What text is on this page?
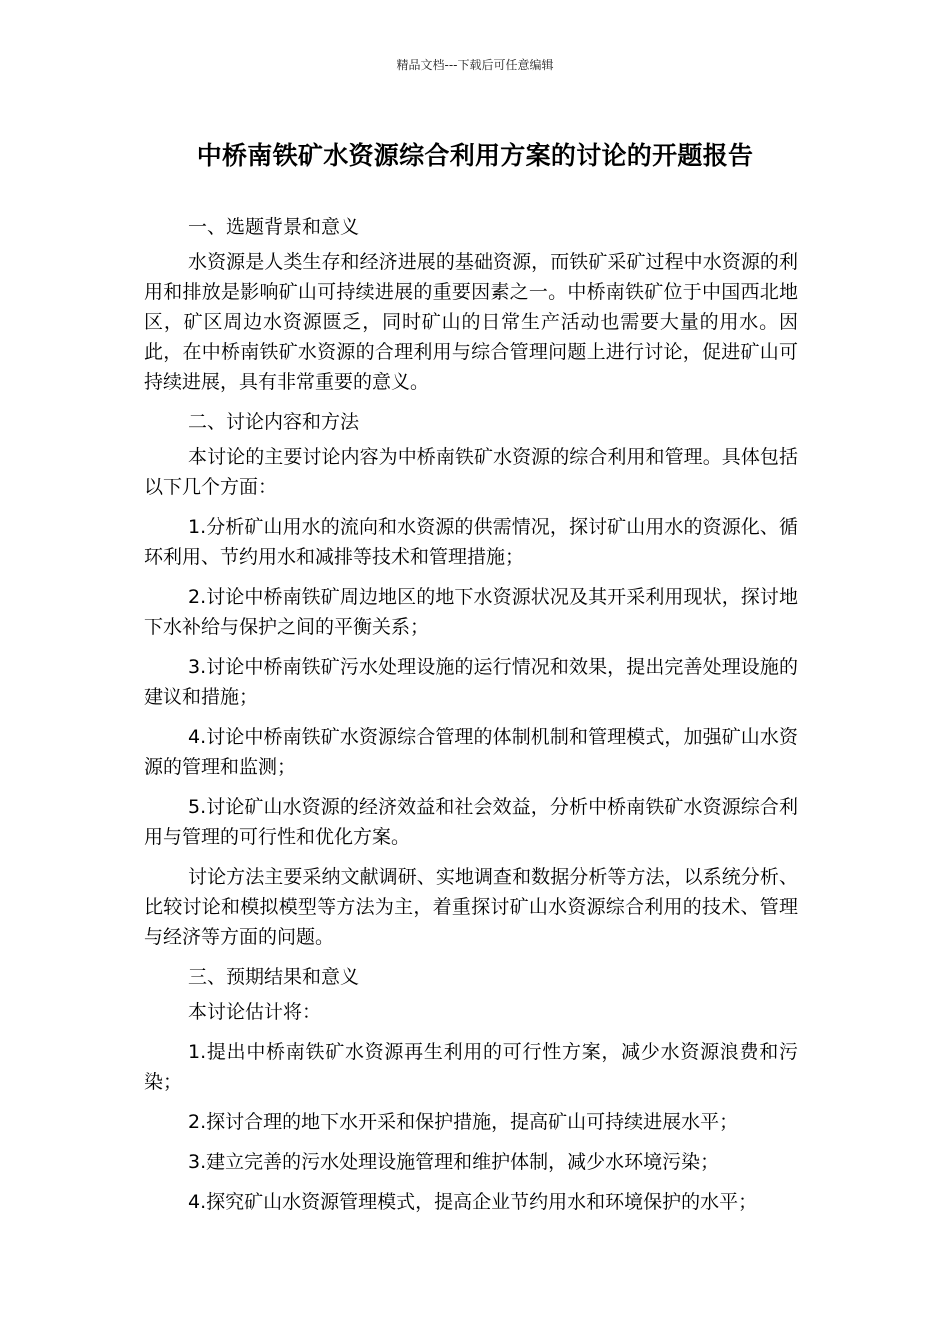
精品文档---下载后可任意编辑
中桥南铁矿水资源综合利用方案的讨论的开题报告

一、选题背景和意义

水资源是人类生存和经济进展的基础资源，而铁矿采矿过程中水资源的利用和排放是影响矿山可持续进展的重要因素之一。中桥南铁矿位于中国西北地区，矿区周边水资源匮乏，同时矿山的日常生产活动也需要大量的用水。因此，在中桥南铁矿水资源的合理利用与综合管理问题上进行讨论，促进矿山可持续进展，具有非常重要的意义。

二、讨论内容和方法

本讨论的主要讨论内容为中桥南铁矿水资源的综合利用和管理。具体包括以下几个方面：

1.分析矿山用水的流向和水资源的供需情况，探讨矿山用水的资源化、循环利用、节约用水和减排等技术和管理措施；

2.讨论中桥南铁矿周边地区的地下水资源状况及其开采利用现状，探讨地下水补给与保护之间的平衡关系；

3.讨论中桥南铁矿污水处理设施的运行情况和效果，提出完善处理设施的建议和措施；

4.讨论中桥南铁矿水资源综合管理的体制机制和管理模式，加强矿山水资源的管理和监测；

5.讨论矿山水资源的经济效益和社会效益，分析中桥南铁矿水资源综合利用与管理的可行性和优化方案。

讨论方法主要采纳文献调研、实地调查和数据分析等方法，以系统分析、比较讨论和模拟模型等方法为主，着重探讨矿山水资源综合利用的技术、管理与经济等方面的问题。

三、预期结果和意义

本讨论估计将：

1.提出中桥南铁矿水资源再生利用的可行性方案，减少水资源浪费和污染；

2.探讨合理的地下水开采和保护措施，提高矿山可持续进展水平；

3.建立完善的污水处理设施管理和维护体制，减少水环境污染；

4.探究矿山水资源管理模式，提高企业节约用水和环境保护的水平；
